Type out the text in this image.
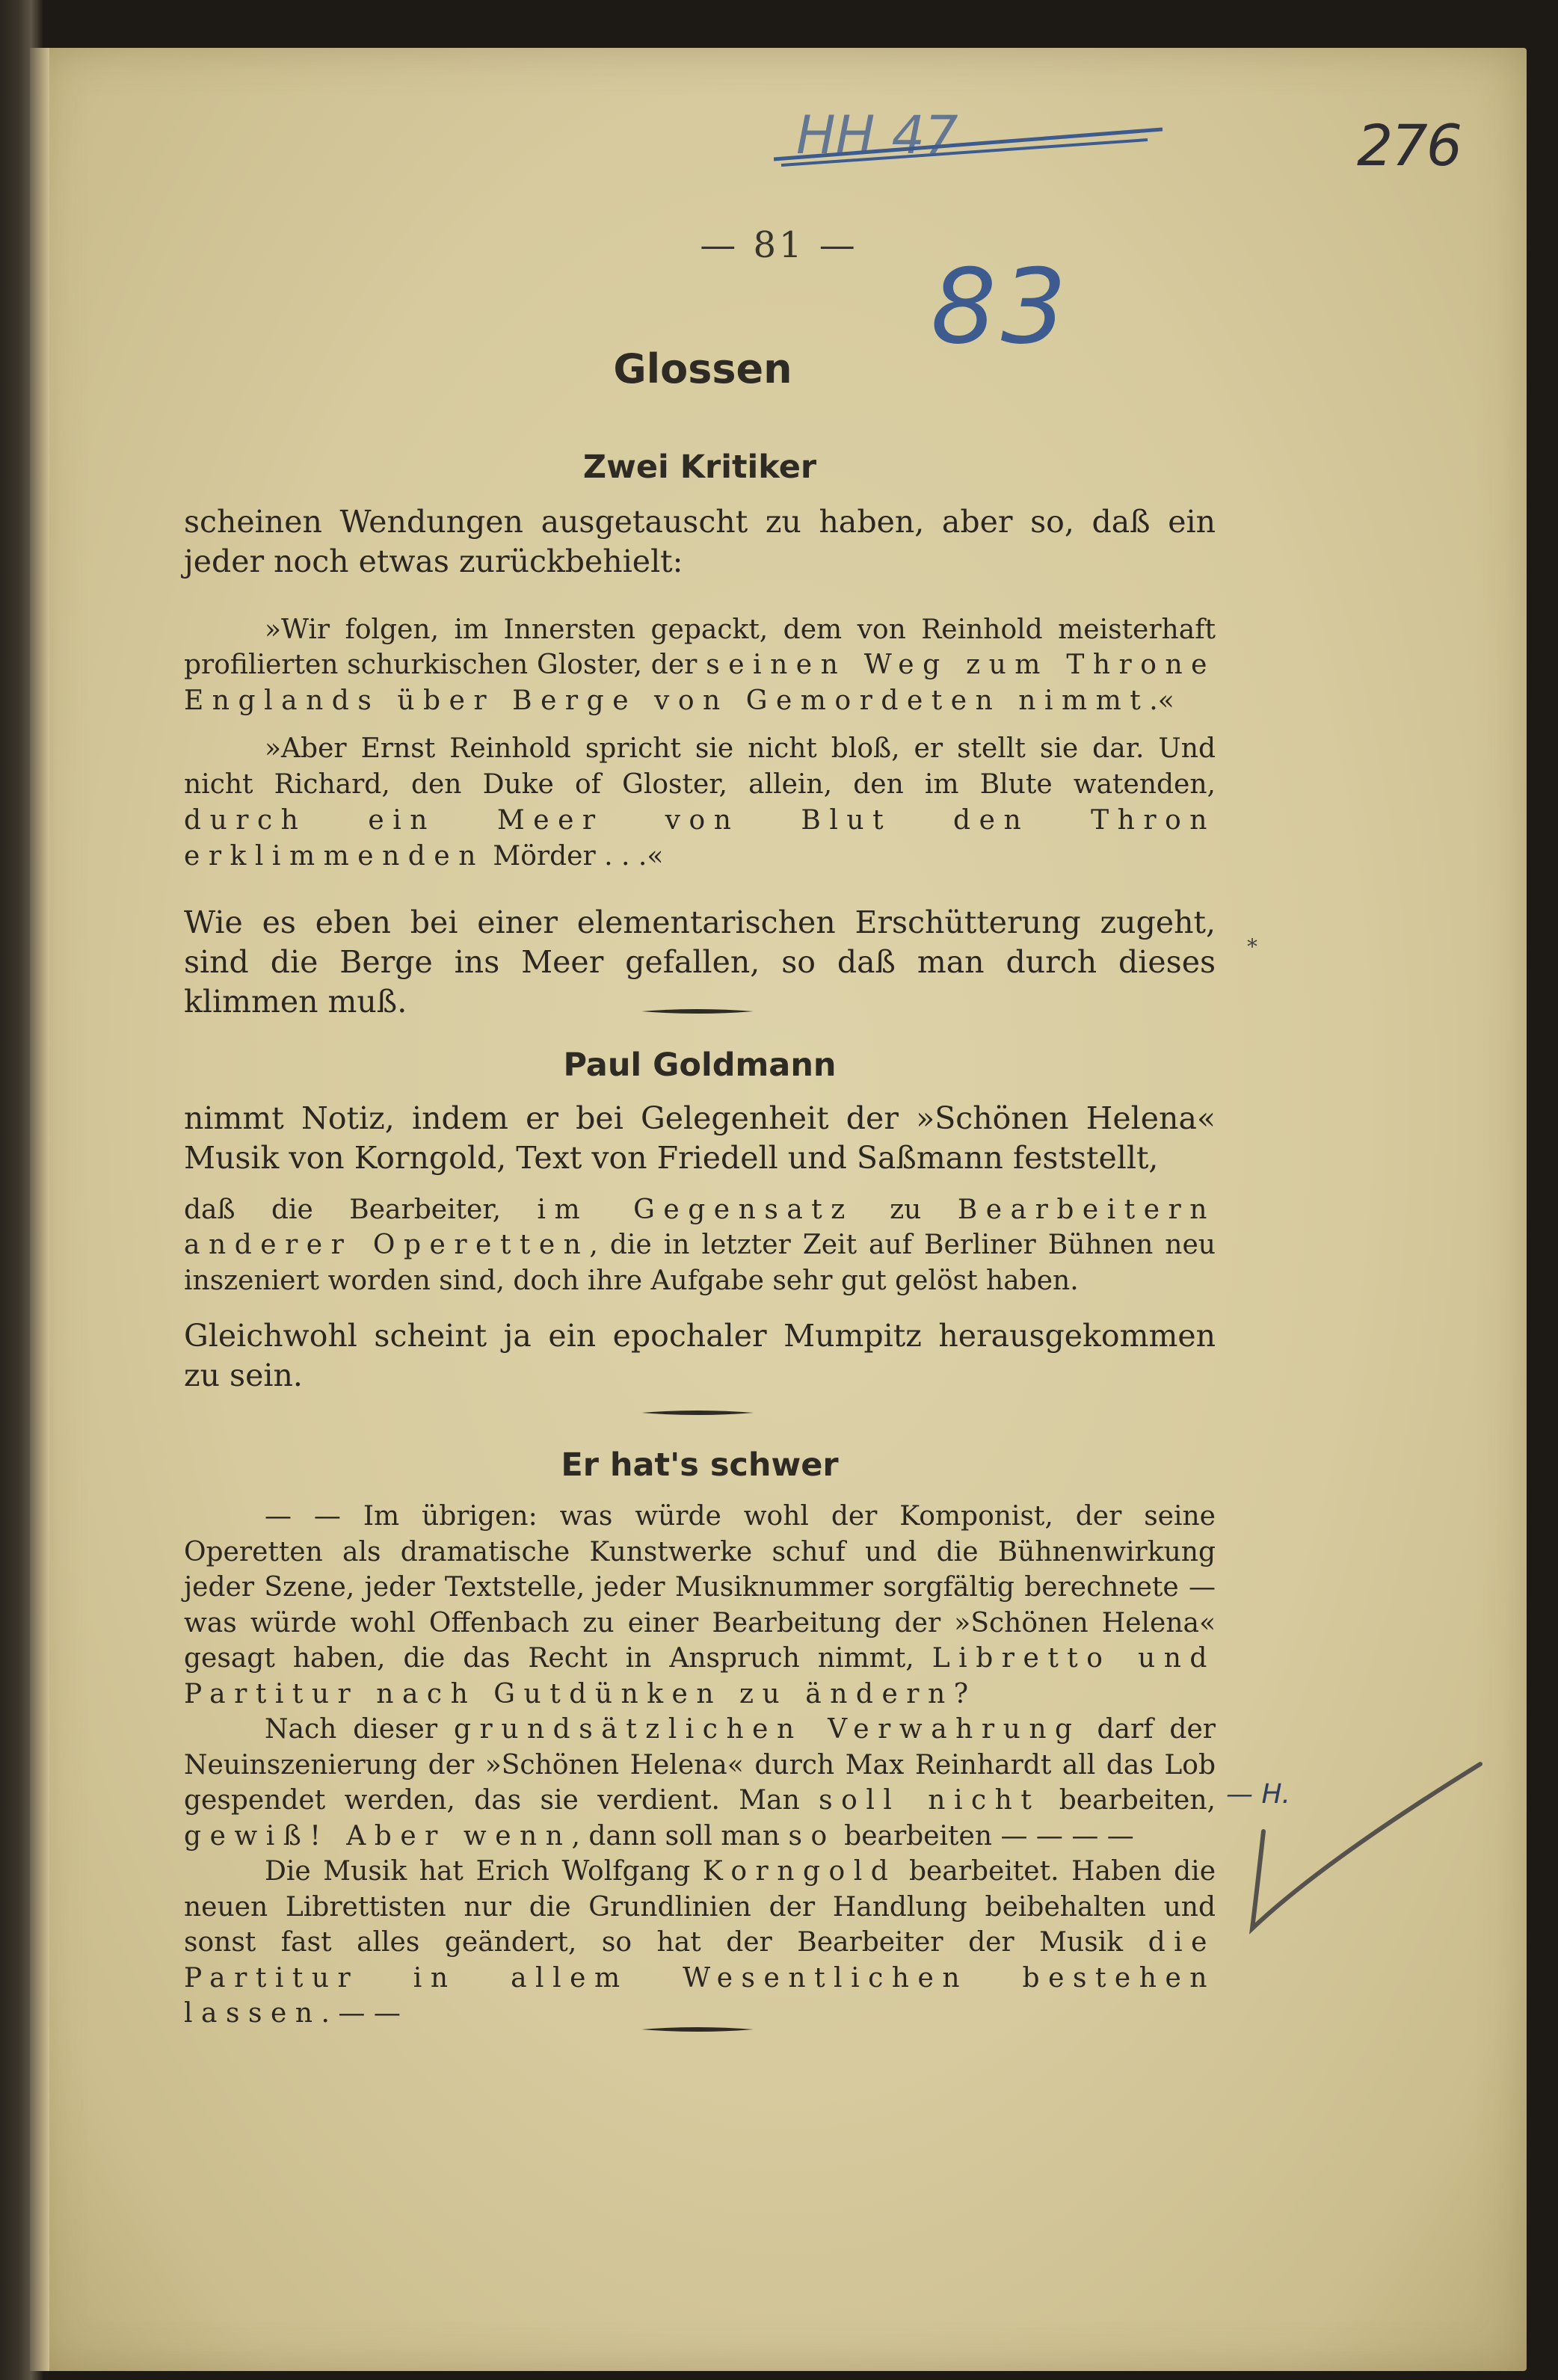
276
HH 47
83
— 81 —
Glossen
Zwei Kritiker

scheinen Wendungen ausgetauscht zu haben, aber so, daß ein jeder noch etwas zurückbehielt:

»Wir folgen, im Innersten gepackt, dem von Reinhold meisterhaft profilierten schurkischen Gloster, der seinen Weg zum Throne Englands über Berge von Gemordeten nimmt.«

»Aber Ernst Reinhold spricht sie nicht bloß, er stellt sie dar. Und nicht Richard, den Duke of Gloster, allein, den im Blute watenden, durch ein Meer von Blut den Thron erklimmenden Mörder . . .«

Wie es eben bei einer elementarischen Erschütterung zugeht, sind die Berge ins Meer gefallen, so daß man durch dieses klimmen muß.

*
Paul Goldmann

nimmt Notiz, indem er bei Gelegenheit der »Schönen Helena« Musik von Korngold, Text von Friedell und Saßmann feststellt,

daß die Bearbeiter, im Gegensatz zu Bearbeitern anderer Operetten, die in letzter Zeit auf Berliner Bühnen neu inszeniert worden sind, doch ihre Aufgabe sehr gut gelöst haben.

Gleichwohl scheint ja ein epochaler Mumpitz herausgekommen zu sein.

Er hat's schwer

— — Im übrigen: was würde wohl der Komponist, der seine Operetten als dramatische Kunstwerke schuf und die Bühnenwirkung jeder Szene, jeder Textstelle, jeder Musiknummer sorgfältig berechnete — was würde wohl Offenbach zu einer Bearbeitung der »Schönen Helena« gesagt haben, die das Recht in Anspruch nimmt, Libretto und Partitur nach Gutdünken zu ändern?

Nach dieser grundsätzlichen Verwahrung darf der Neuinszenierung der »Schönen Helena« durch Max Reinhardt all das Lob gespendet werden, das sie verdient. Man soll nicht bearbeiten, gewiß! Aber wenn, dann soll man so bearbeiten — — — —

Die Musik hat Erich Wolfgang Korngold bearbeitet. Haben die neuen Librettisten nur die Grundlinien der Handlung beibehalten und sonst fast alles geändert, so hat der Bearbeiter der Musik die Partitur in allem Wesentlichen bestehen lassen. — —

— H.
